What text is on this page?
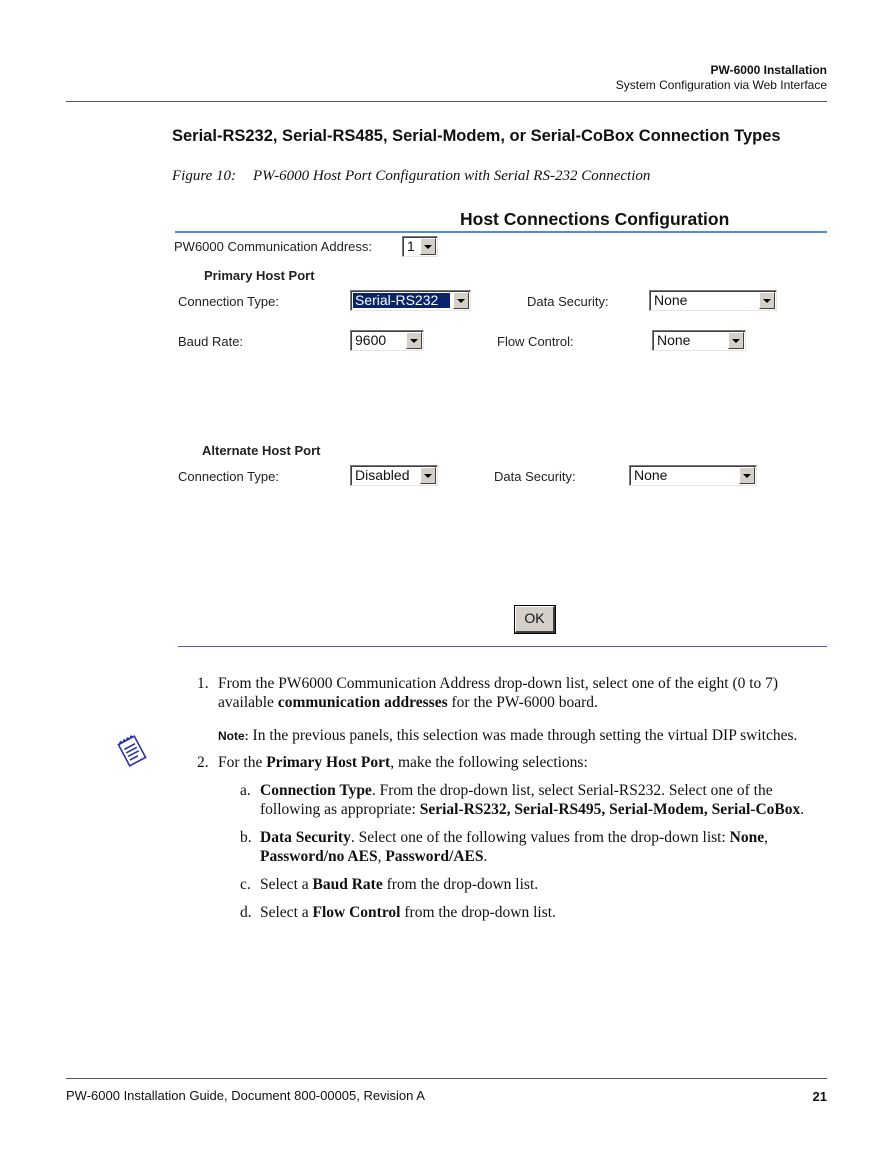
PW-6000 Installation
System Configuration via Web Interface
Serial-RS232, Serial-RS485, Serial-Modem, or Serial-CoBox Connection Types
Figure 10: PW-6000 Host Port Configuration with Serial RS-232 Connection
Host Connections Configuration
PW6000 Communication Address:	1
Primary Host Port
Connection Type:	Serial-RS232	Data Security:	None
Baud Rate:	9600	Flow Control:	None
Alternate Host Port
Connection Type:	Disabled	Data Security:	None
OK
1. From the PW6000 Communication Address drop-down list, select one of the eight (0 to 7)
available communication addresses for the PW-6000 board.
Note: In the previous panels, this selection was made through setting the virtual DIP switches.
2. For the Primary Host Port, make the following selections:
a. Connection Type. From the drop-down list, select Serial-RS232. Select one of the
following as appropriate: Serial-RS232, Serial-RS495, Serial-Modem, Serial-CoBox.
b. Data Security. Select one of the following values from the drop-down list: None,
Password/no AES, Password/AES.
c. Select a Baud Rate from the drop-down list.
d. Select a Flow Control from the drop-down list.
PW-6000 Installation Guide, Document 800-00005, Revision A	21
